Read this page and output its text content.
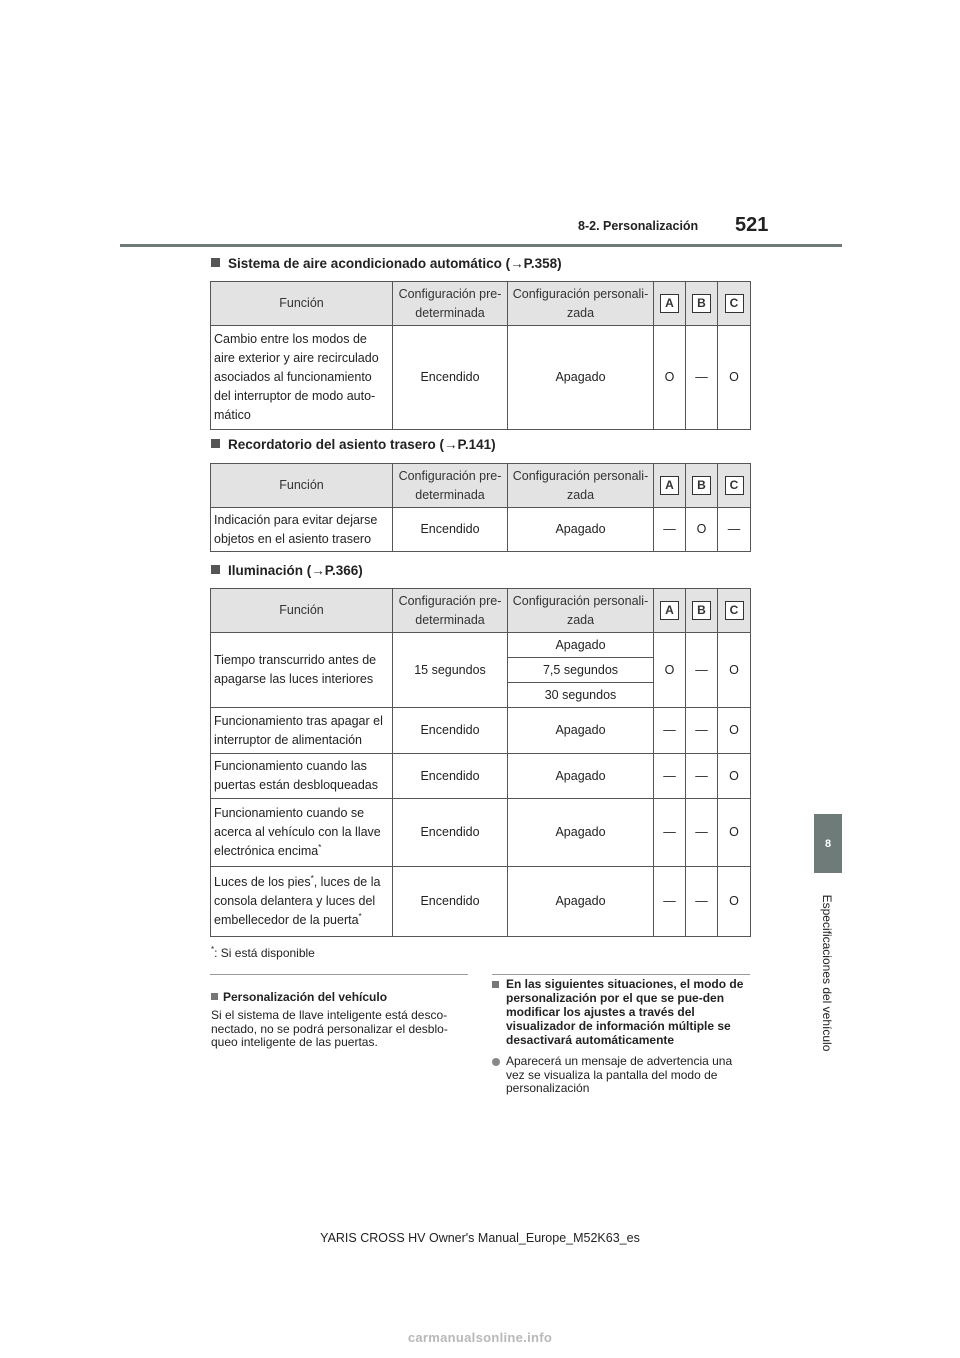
8-2. Personalización 521
8
Especificaciones del vehículo
Sistema de aire acondicionado automático (→P.358)
Función	Configuración pre-determinada	Configuración personali-zada	A	B	C
Cambio entre los modos de aire exterior y aire recirculado asociados al funcionamiento del interruptor de modo auto-mático	Encendido	Apagado	O	—	O
Recordatorio del asiento trasero (→P.141)
Función	Configuración pre-determinada	Configuración personali-zada	A	B	C
Indicación para evitar dejarse objetos en el asiento trasero	Encendido	Apagado	—	O	—
Iluminación (→P.366)
Función	Configuración pre-determinada	Configuración personali-zada	A	B	C
Tiempo transcurrido antes de apagarse las luces interiores	15 segundos	Apagado	O	—	O
		7,5 segundos			
		30 segundos			
Funcionamiento tras apagar el interruptor de alimentación	Encendido	Apagado	—	—	O
Funcionamiento cuando las puertas están desbloqueadas	Encendido	Apagado	—	—	O
Funcionamiento cuando se acerca al vehículo con la llave electrónica encima*	Encendido	Apagado	—	—	O
Luces de los pies*, luces de la consola delantera y luces del embellecedor de la puerta*	Encendido	Apagado	—	—	O
*: Si está disponible
Personalización del vehículo
Si el sistema de llave inteligente está desco-nectado, no se podrá personalizar el desblo-queo inteligente de las puertas.
En las siguientes situaciones, el modo de personalización por el que se pue-den modificar los ajustes a través del visualizador de información múltiple se desactivará automáticamente
Aparecerá un mensaje de advertencia una vez se visualiza la pantalla del modo de personalización
YARIS CROSS HV Owner's Manual_Europe_M52K63_es
carmanualsonline.info
